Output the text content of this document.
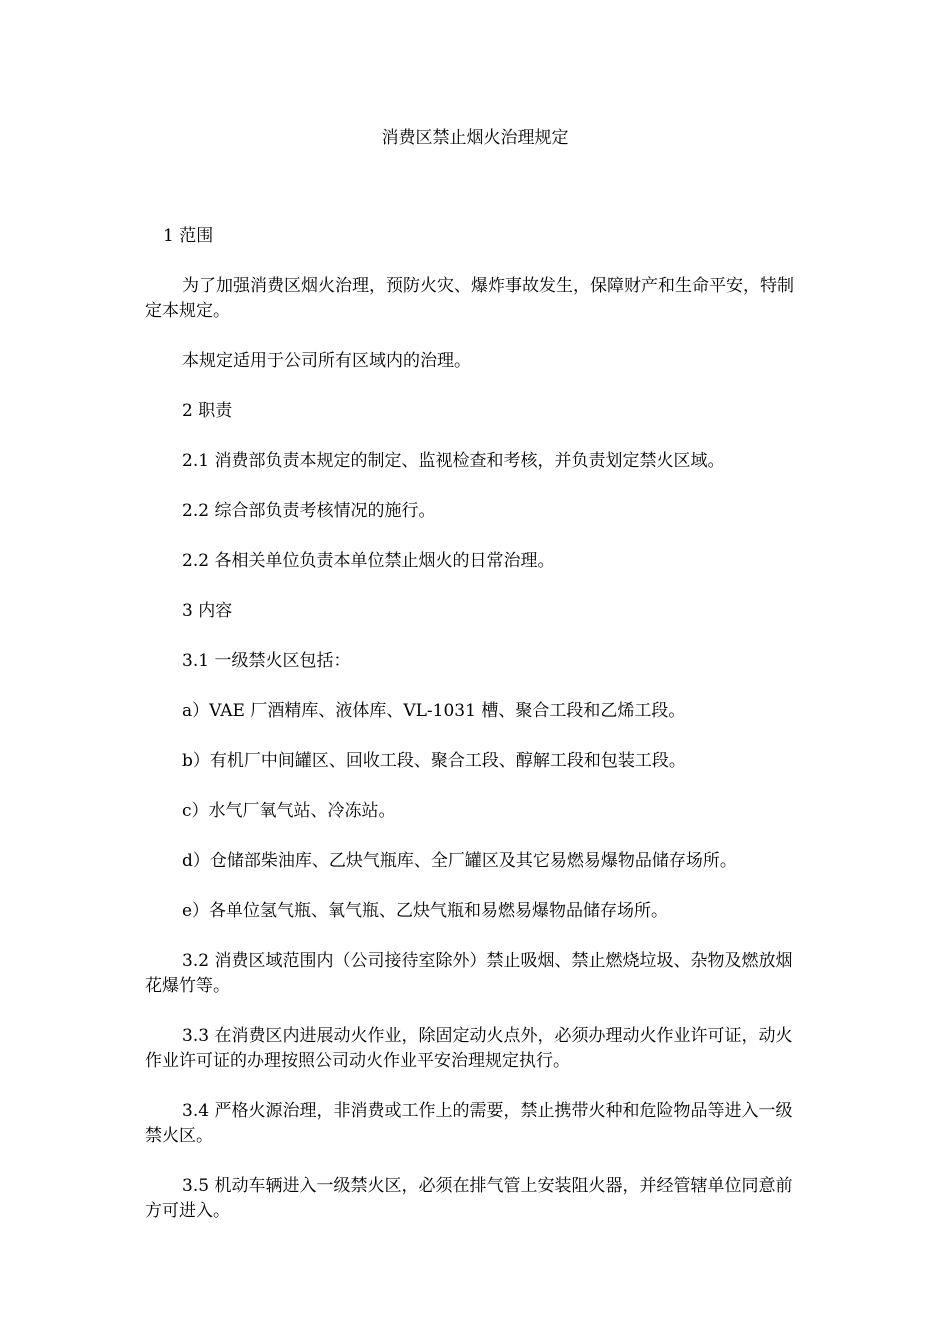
消费区禁止烟火治理规定

1 范围

为了加强消费区烟火治理，预防火灾、爆炸事故发生，保障财产和生命平安，特制定本规定。

本规定适用于公司所有区域内的治理。

2 职责

2.1 消费部负责本规定的制定、监视检查和考核，并负责划定禁火区域。

2.2 综合部负责考核情况的施行。

2.2 各相关单位负责本单位禁止烟火的日常治理。

3 内容

3.1 一级禁火区包括：

a）VAE 厂酒精库、液体库、VL-1031 槽、聚合工段和乙烯工段。

b）有机厂中间罐区、回收工段、聚合工段、醇解工段和包装工段。

c）水气厂氧气站、冷冻站。

d）仓储部柴油库、乙炔气瓶库、全厂罐区及其它易燃易爆物品储存场所。

e）各单位氢气瓶、氧气瓶、乙炔气瓶和易燃易爆物品储存场所。

3.2 消费区域范围内（公司接待室除外）禁止吸烟、禁止燃烧垃圾、杂物及燃放烟花爆竹等。

3.3 在消费区内进展动火作业，除固定动火点外，必须办理动火作业许可证，动火作业许可证的办理按照公司动火作业平安治理规定执行。

3.4 严格火源治理，非消费或工作上的需要，禁止携带火种和危险物品等进入一级禁火区。

3.5 机动车辆进入一级禁火区，必须在排气管上安装阻火器，并经管辖单位同意前方可进入。
